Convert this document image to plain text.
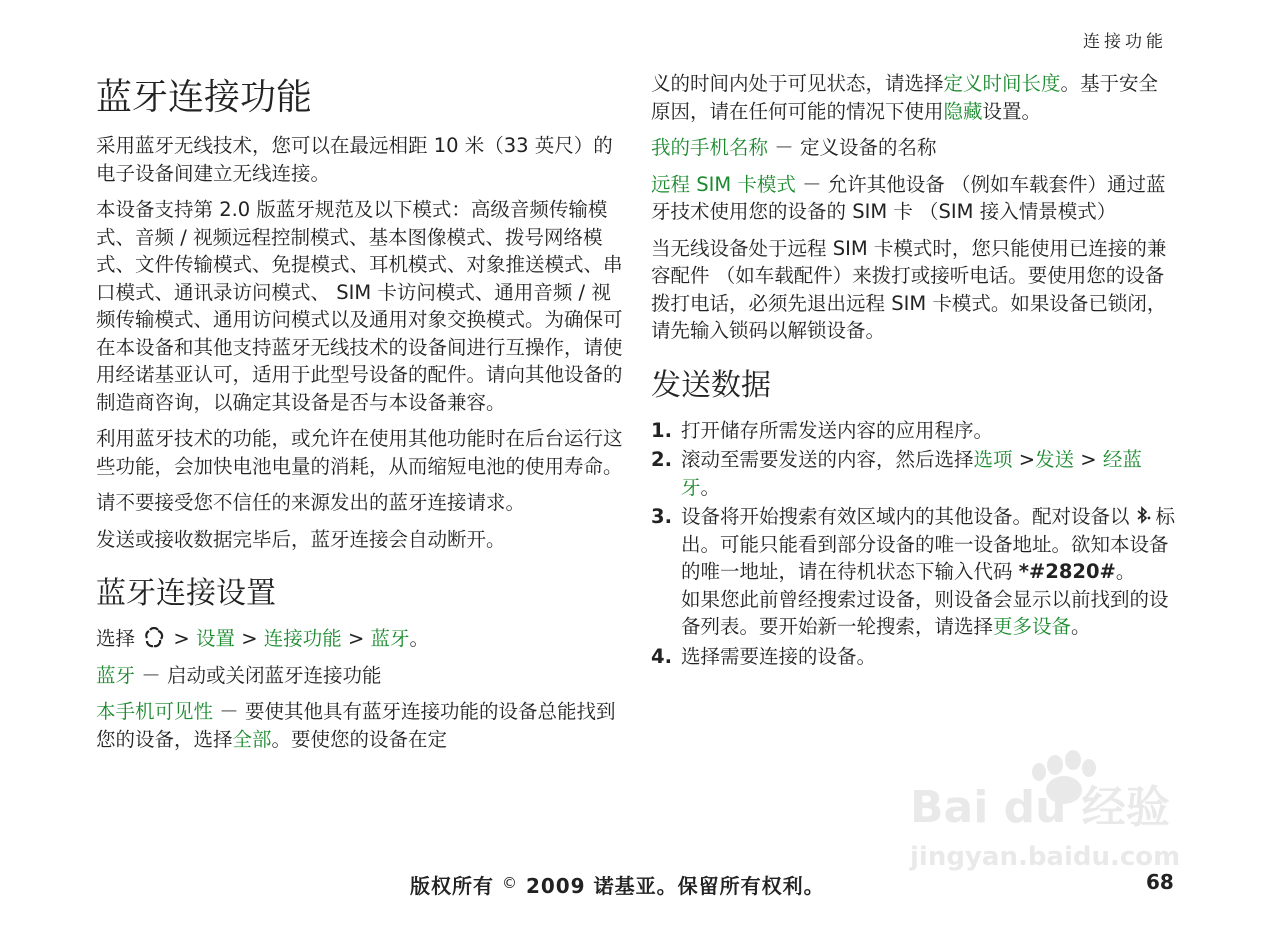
连接功能
蓝牙连接功能

采用蓝牙无线技术，您可以在最远相距 10 米（33 英尺）的电子设备间建立无线连接。

本设备支持第 2.0 版蓝牙规范及以下模式：高级音频传输模式、音频 / 视频远程控制模式、基本图像模式、拨号网络模式、文件传输模式、免提模式、耳机模式、对象推送模式、串口模式、通讯录访问模式、 SIM 卡访问模式、通用音频 / 视频传输模式、通用访问模式以及通用对象交换模式。为确保可在本设备和其他支持蓝牙无线技术的设备间进行互操作，请使用经诺基亚认可，适用于此型号设备的配件。请向其他设备的制造商咨询，以确定其设备是否与本设备兼容。

利用蓝牙技术的功能，或允许在使用其他功能时在后台运行这些功能，会加快电池电量的消耗，从而缩短电池的使用寿命。

请不要接受您不信任的来源发出的蓝牙连接请求。

发送或接收数据完毕后，蓝牙连接会自动断开。

蓝牙连接设置

选择 > 设置 > 连接功能 > 蓝牙。

蓝牙 － 启动或关闭蓝牙连接功能

本手机可见性 － 要使其他具有蓝牙连接功能的设备总能找到您的设备，选择全部。要使您的设备在定

义的时间内处于可见状态，请选择定义时间长度。基于安全原因，请在任何可能的情况下使用隐藏设置。

我的手机名称 － 定义设备的名称

远程 SIM 卡模式 － 允许其他设备 （例如车载套件）通过蓝牙技术使用您的设备的 SIM 卡 （SIM 接入情景模式）

当无线设备处于远程 SIM 卡模式时，您只能使用已连接的兼容配件 （如车载配件）来拨打或接听电话。要使用您的设备拨打电话，必须先退出远程 SIM 卡模式。如果设备已锁闭，请先输入锁码以解锁设备。

发送数据
1. 打开储存所需发送内容的应用程序。
2. 滚动至需要发送的内容，然后选择选项 >发送 > 经蓝牙。
3. 设备将开始搜索有效区域内的其他设备。配对设备以 标出。可能只能看到部分设备的唯一设备地址。欲知本设备的唯一地址，请在待机状态下输入代码 *#2820#。
如果您此前曾经搜索过设备，则设备会显示以前找到的设备列表。要开始新一轮搜索，请选择更多设备。
4. 选择需要连接的设备。
Bai du 经验
jingyan.baidu.com
版权所有 © 2009 诺基亚。保留所有权利。	68
